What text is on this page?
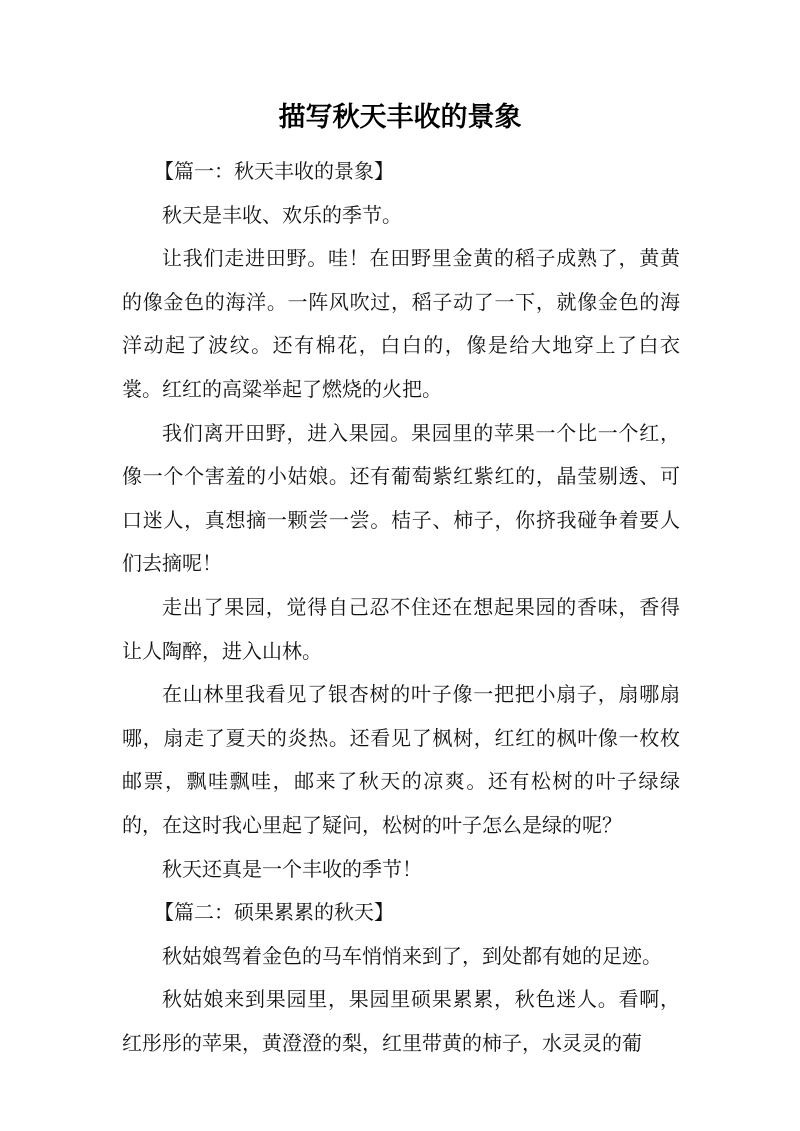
描写秋天丰收的景象

【篇一：秋天丰收的景象】

秋天是丰收、欢乐的季节。

让我们走进田野。哇！在田野里金黄的稻子成熟了，黄黄的像金色的海洋。一阵风吹过，稻子动了一下，就像金色的海洋动起了波纹。还有棉花，白白的，像是给大地穿上了白衣裳。红红的高粱举起了燃烧的火把。

我们离开田野，进入果园。果园里的苹果一个比一个红，像一个个害羞的小姑娘。还有葡萄紫红紫红的，晶莹剔透、可口迷人，真想摘一颗尝一尝。桔子、柿子，你挤我碰争着要人们去摘呢！

走出了果园，觉得自己忍不住还在想起果园的香味，香得让人陶醉，进入山林。

在山林里我看见了银杏树的叶子像一把把小扇子，扇哪扇哪，扇走了夏天的炎热。还看见了枫树，红红的枫叶像一枚枚邮票，飘哇飘哇，邮来了秋天的凉爽。还有松树的叶子绿绿的，在这时我心里起了疑问，松树的叶子怎么是绿的呢？

秋天还真是一个丰收的季节！

【篇二：硕果累累的秋天】

秋姑娘驾着金色的马车悄悄来到了，到处都有她的足迹。

秋姑娘来到果园里，果园里硕果累累，秋色迷人。看啊，红彤彤的苹果，黄澄澄的梨，红里带黄的柿子，水灵灵的葡
